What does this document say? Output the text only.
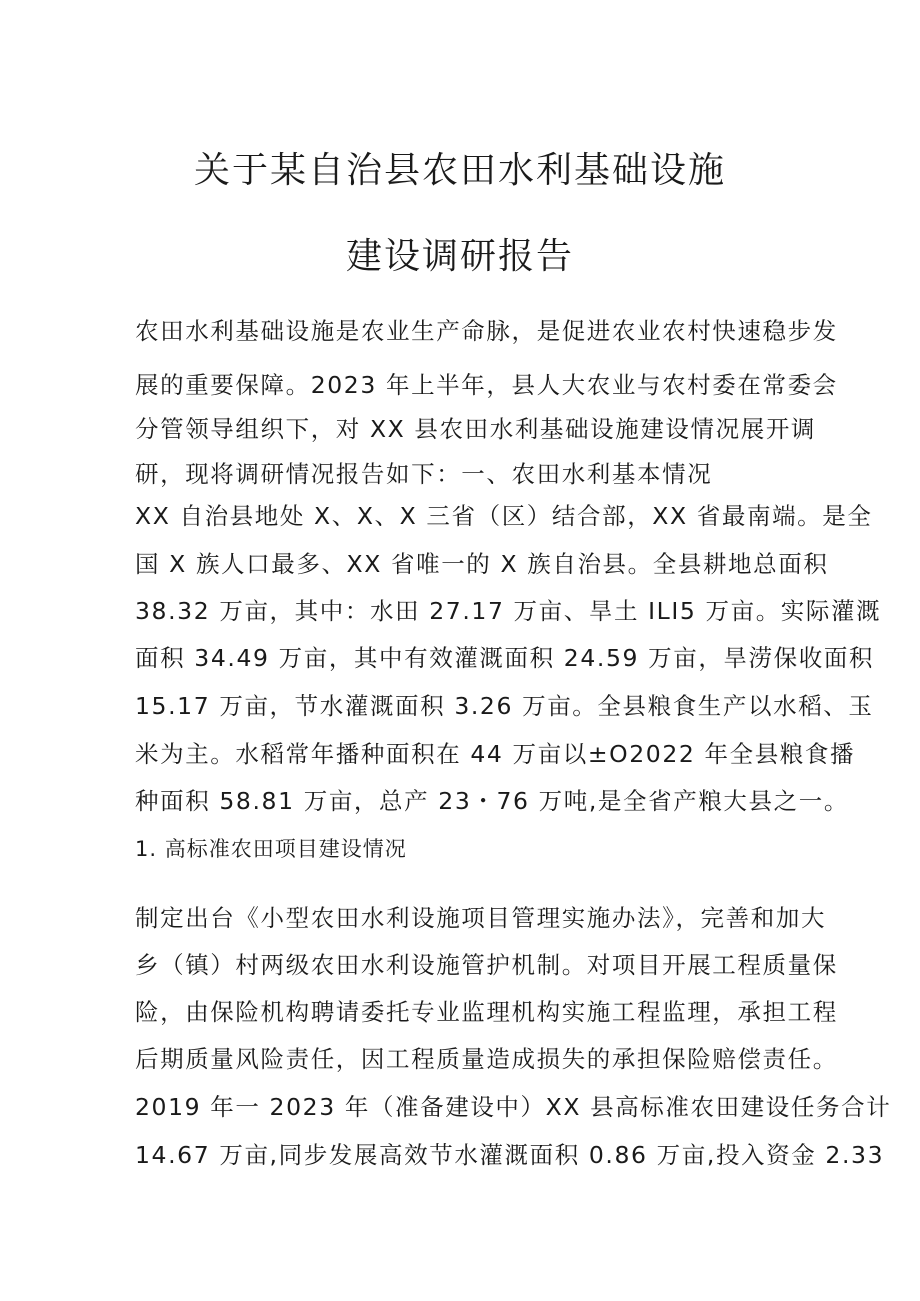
关于某自治县农田水利基础设施
建设调研报告
农田水利基础设施是农业生产命脉，是促进农业农村快速稳步发
展的重要保障。2023 年上半年，县人大农业与农村委在常委会
分管领导组织下，对 XX 县农田水利基础设施建设情况展开调
研，现将调研情况报告如下：一、农田水利基本情况
XX 自治县地处 X、X、X 三省（区）结合部，XX 省最南端。是全
国 X 族人口最多、XX 省唯一的 X 族自治县。全县耕地总面积
38.32 万亩，其中：水田 27.17 万亩、旱土 ILI5 万亩。实际灌溉
面积 34.49 万亩，其中有效灌溉面积 24.59 万亩，旱涝保收面积
15.17 万亩，节水灌溉面积 3.26 万亩。全县粮食生产以水稻、玉
米为主。水稻常年播种面积在 44 万亩以±O2022 年全县粮食播
种面积 58.81 万亩，总产 23・76 万吨,是全省产粮大县之一。
1. 高标准农田项目建设情况
制定出台《小型农田水利设施项目管理实施办法》，完善和加大
乡（镇）村两级农田水利设施管护机制。对项目开展工程质量保
险，由保险机构聘请委托专业监理机构实施工程监理，承担工程
后期质量风险责任，因工程质量造成损失的承担保险赔偿责任。
2019 年一 2023 年（准备建设中）XX 县高标准农田建设任务合计
14.67 万亩,同步发展高效节水灌溉面积 0.86 万亩,投入资金 2.33
